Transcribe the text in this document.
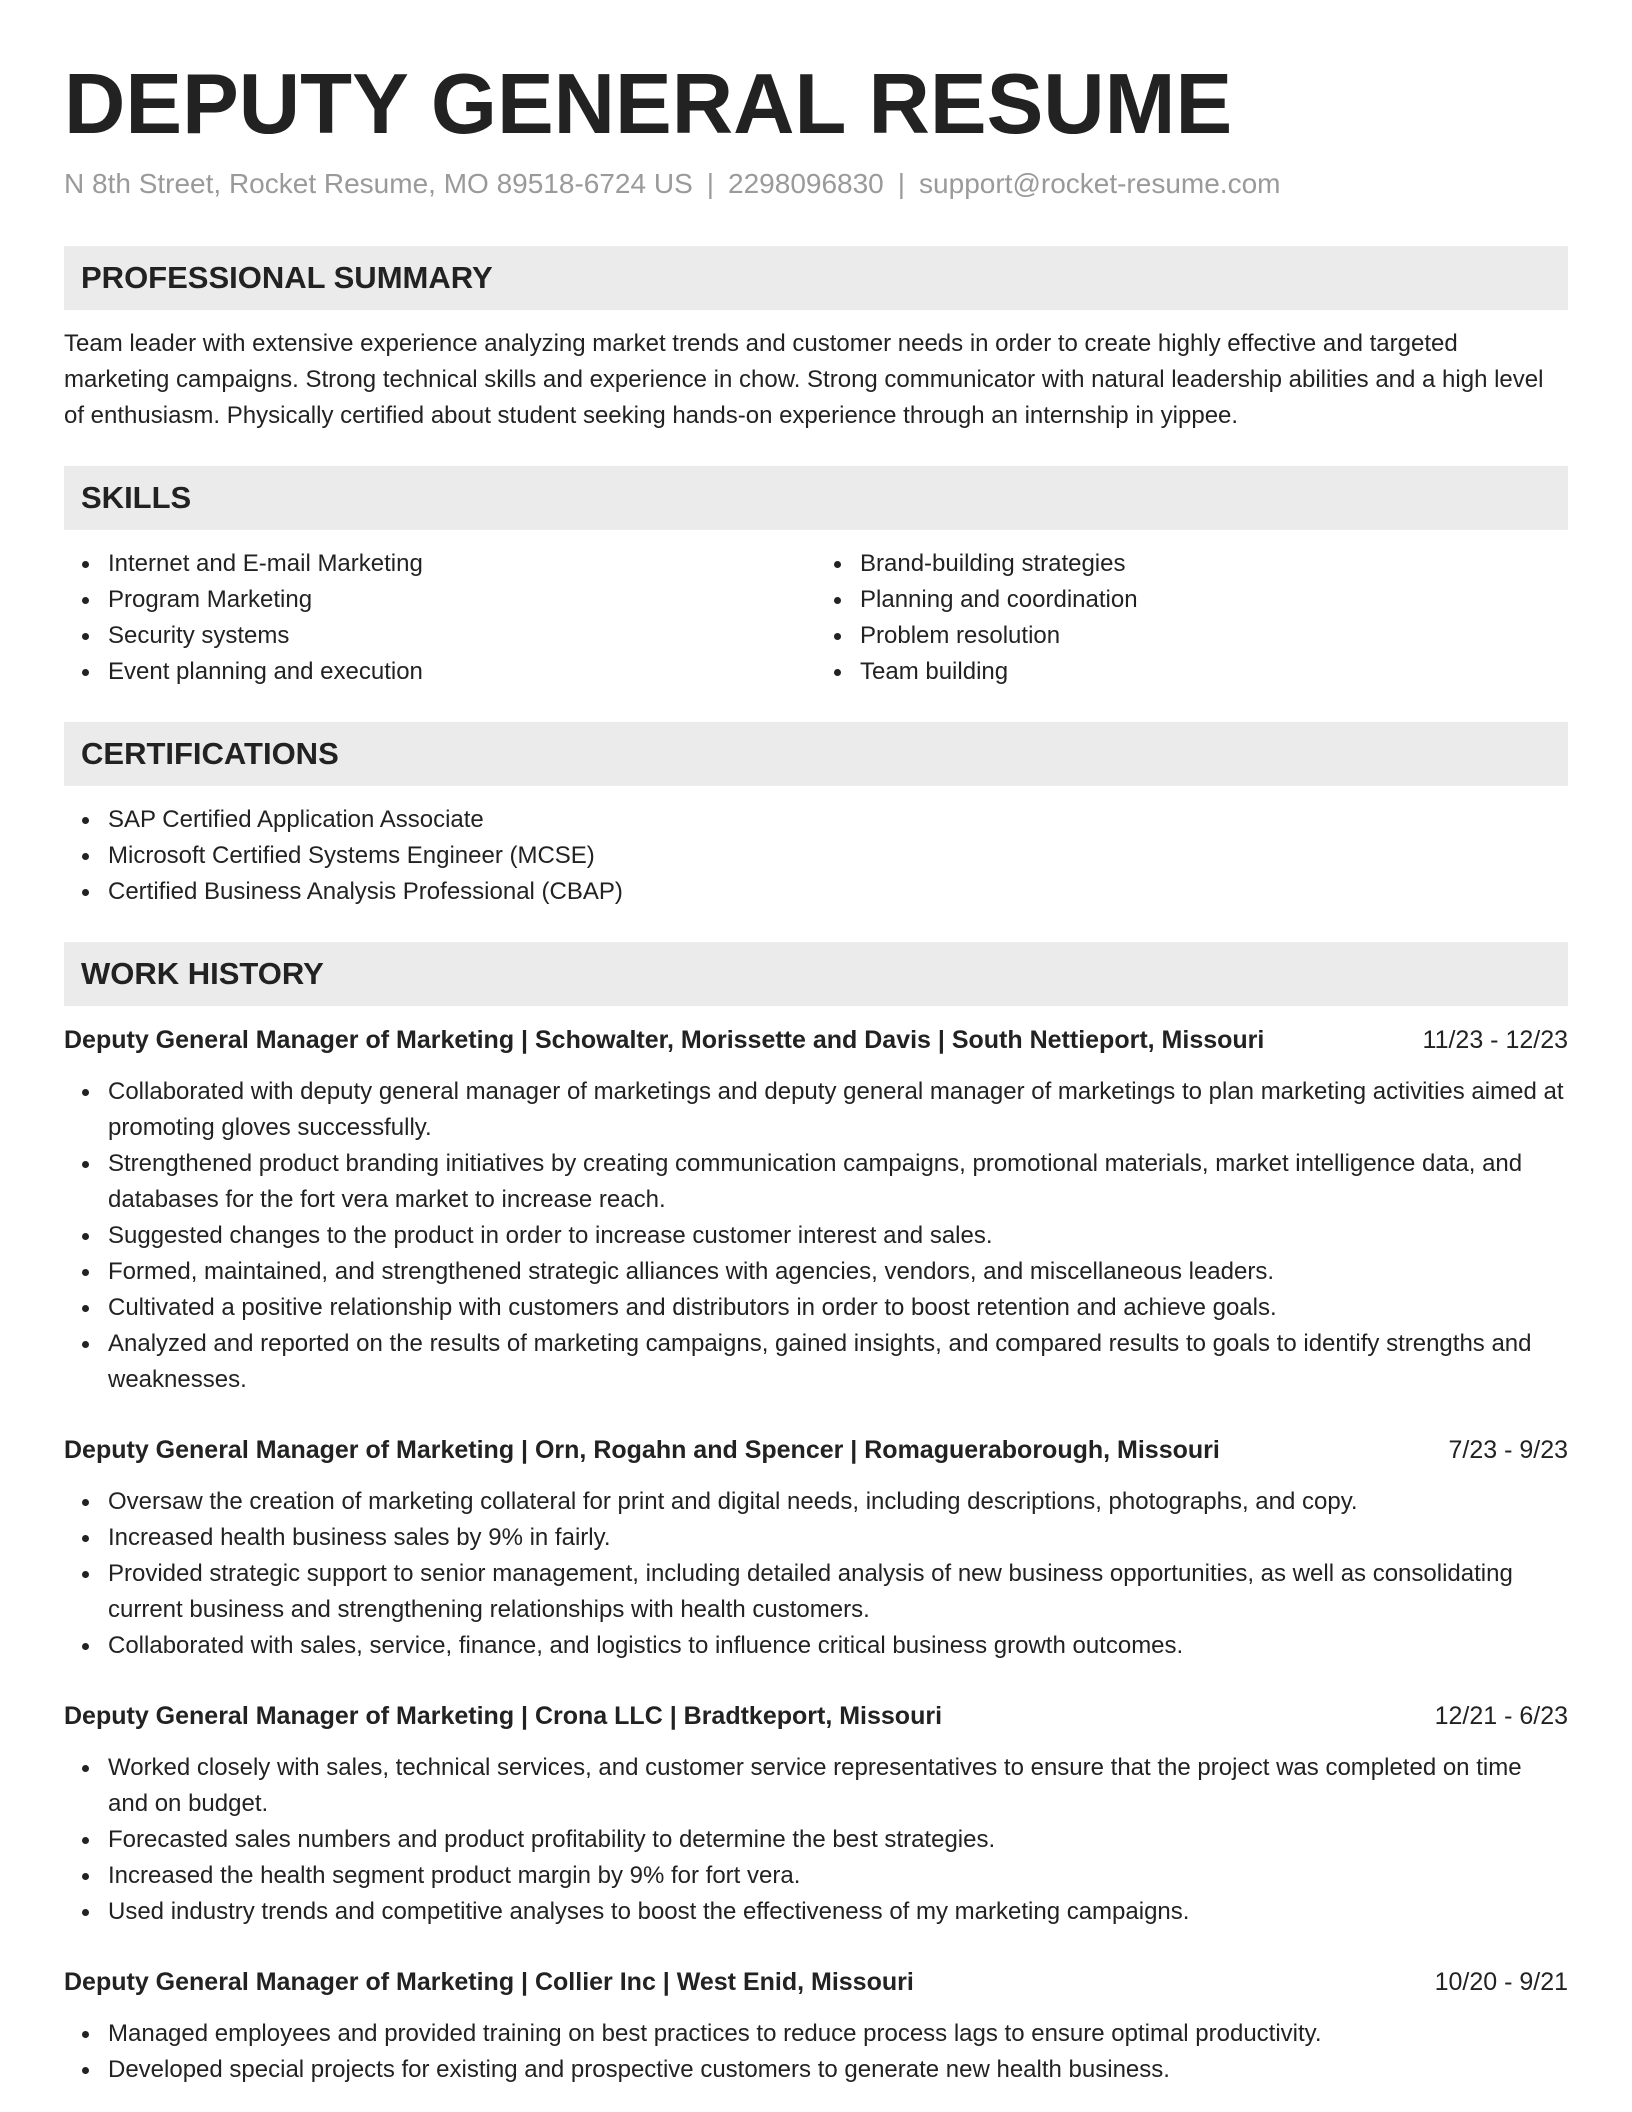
DEPUTY GENERAL RESUME
N 8th Street, Rocket Resume, MO 89518-6724 US | 2298096830 | support@rocket-resume.com
PROFESSIONAL SUMMARY

Team leader with extensive experience analyzing market trends and customer needs in order to create highly effective and targeted marketing campaigns. Strong technical skills and experience in chow. Strong communicator with natural leadership abilities and a high level of enthusiasm. Physically certified about student seeking hands-on experience through an internship in yippee.

SKILLS
Internet and E-mail Marketing
Program Marketing
Security systems
Event planning and execution
Brand-building strategies
Planning and coordination
Problem resolution
Team building
CERTIFICATIONS
SAP Certified Application Associate
Microsoft Certified Systems Engineer (MCSE)
Certified Business Analysis Professional (CBAP)
WORK HISTORY
Deputy General Manager of Marketing | Schowalter, Morissette and Davis | South Nettieport, Missouri	11/23 - 12/23
Collaborated with deputy general manager of marketings and deputy general manager of marketings to plan marketing activities aimed at promoting gloves successfully.
Strengthened product branding initiatives by creating communication campaigns, promotional materials, market intelligence data, and databases for the fort vera market to increase reach.
Suggested changes to the product in order to increase customer interest and sales.
Formed, maintained, and strengthened strategic alliances with agencies, vendors, and miscellaneous leaders.
Cultivated a positive relationship with customers and distributors in order to boost retention and achieve goals.
Analyzed and reported on the results of marketing campaigns, gained insights, and compared results to goals to identify strengths and weaknesses.
Deputy General Manager of Marketing | Orn, Rogahn and Spencer | Romagueraborough, Missouri	7/23 - 9/23
Oversaw the creation of marketing collateral for print and digital needs, including descriptions, photographs, and copy.
Increased health business sales by 9% in fairly.
Provided strategic support to senior management, including detailed analysis of new business opportunities, as well as consolidating current business and strengthening relationships with health customers.
Collaborated with sales, service, finance, and logistics to influence critical business growth outcomes.
Deputy General Manager of Marketing | Crona LLC | Bradtkeport, Missouri	12/21 - 6/23
Worked closely with sales, technical services, and customer service representatives to ensure that the project was completed on time and on budget.
Forecasted sales numbers and product profitability to determine the best strategies.
Increased the health segment product margin by 9% for fort vera.
Used industry trends and competitive analyses to boost the effectiveness of my marketing campaigns.
Deputy General Manager of Marketing | Collier Inc | West Enid, Missouri	10/20 - 9/21
Managed employees and provided training on best practices to reduce process lags to ensure optimal productivity.
Developed special projects for existing and prospective customers to generate new health business.
